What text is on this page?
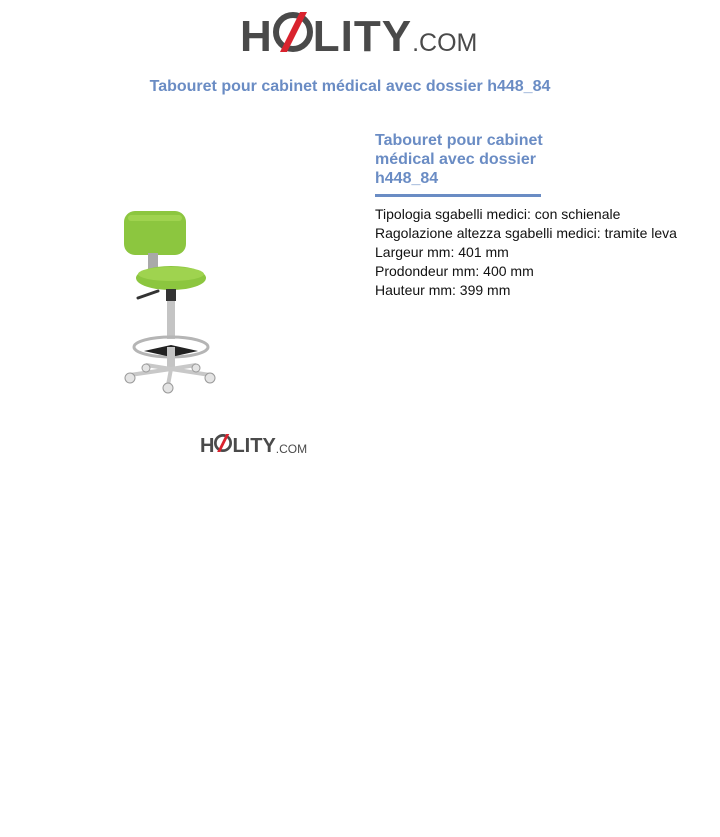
H LITY .COM
Tabouret pour cabinet médical avec dossier h448_84
H LITY .COM
Tabouret pour cabinet
médical avec dossier
h448_84
Tipologia sgabelli medici: con schienale
Ragolazione altezza sgabelli medici: tramite leva
Largeur mm: 401 mm
Prodondeur mm: 400 mm
Hauteur mm: 399 mm
